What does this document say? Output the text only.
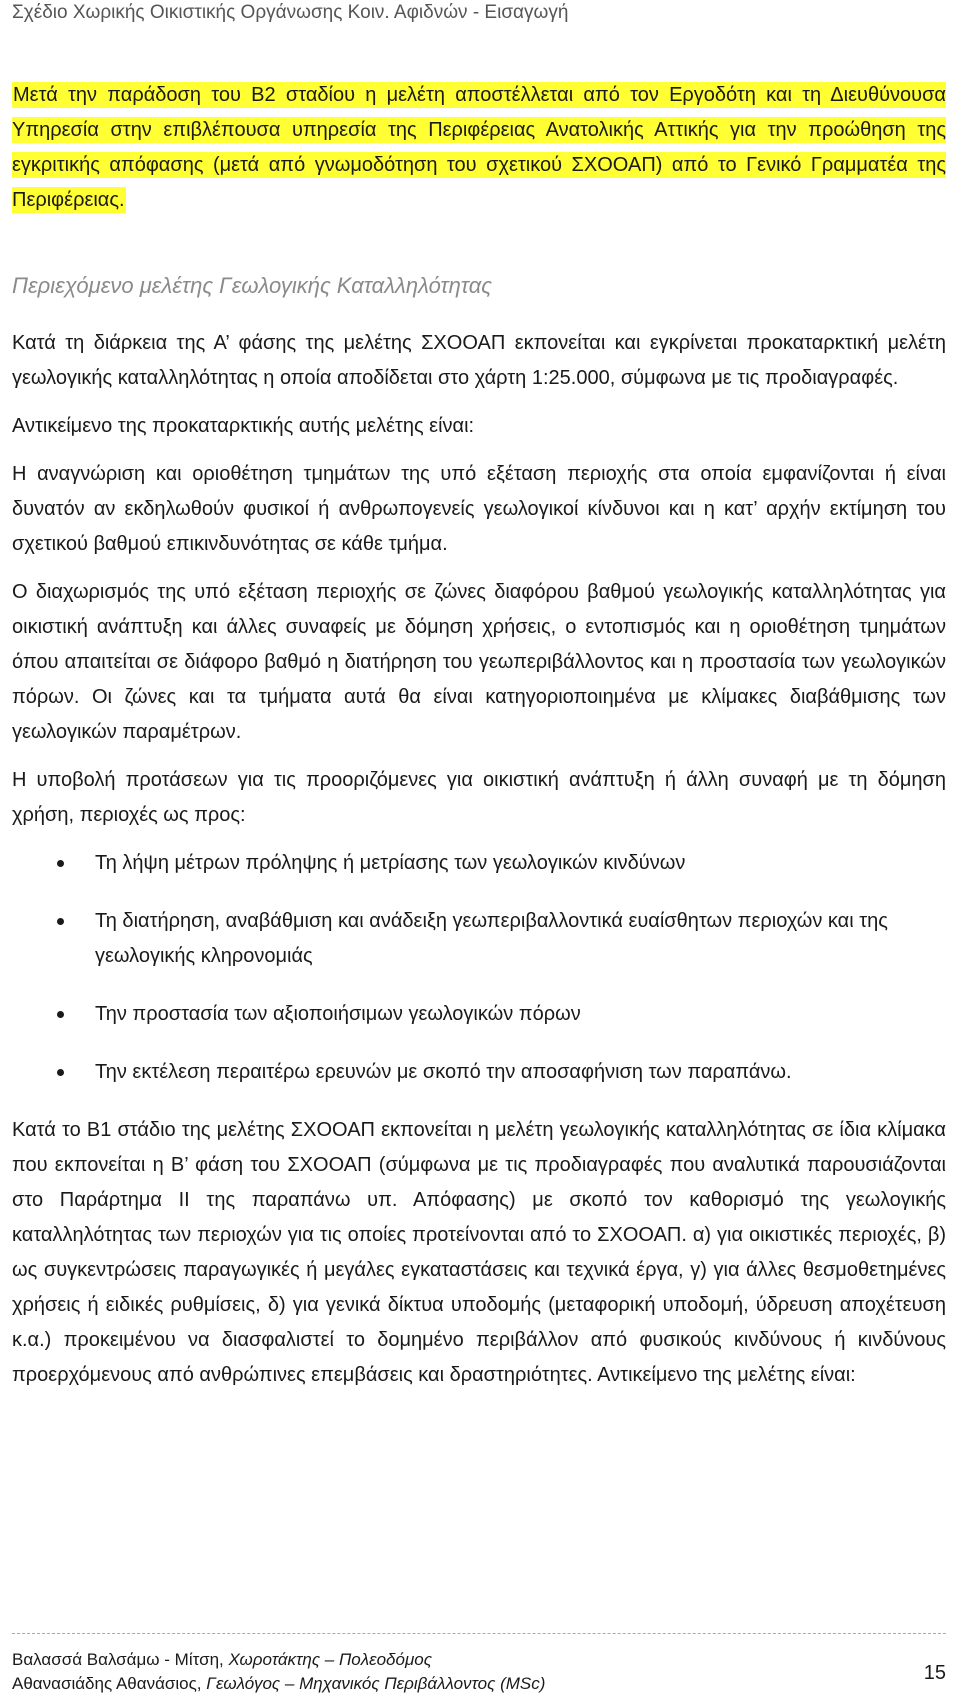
Σχέδιο Χωρικής Οικιστικής Οργάνωσης Κοιν. Αφιδνών - Εισαγωγή

Μετά την παράδοση του Β2 σταδίου η μελέτη αποστέλλεται από τον Εργοδότη και τη Διευθύνουσα Υπηρεσία στην επιβλέπουσα υπηρεσία της Περιφέρειας Ανατολικής Αττικής για την προώθηση της εγκριτικής απόφασης (μετά από γνωμοδότηση του σχετικού ΣΧΟΟΑΠ) από το Γενικό Γραμματέα της Περιφέρειας.

Περιεχόμενο μελέτης Γεωλογικής Καταλληλότητας

Κατά τη διάρκεια της Α’ φάσης της μελέτης ΣΧΟΟΑΠ εκπονείται και εγκρίνεται προκαταρκτική μελέτη γεωλογικής καταλληλότητας η οποία αποδίδεται στο χάρτη 1:25.000, σύμφωνα με τις προδιαγραφές.

Αντικείμενο της προκαταρκτικής αυτής μελέτης είναι:

Η αναγνώριση και οριοθέτηση τμημάτων της υπό εξέταση περιοχής στα οποία εμφανίζονται ή είναι δυνατόν αν εκδηλωθούν φυσικοί ή ανθρωπογενείς γεωλογικοί κίνδυνοι και η κατ’ αρχήν εκτίμηση του σχετικού βαθμού επικινδυνότητας σε κάθε τμήμα.

Ο διαχωρισμός της υπό εξέταση περιοχής σε ζώνες διαφόρου βαθμού γεωλογικής καταλληλότητας για οικιστική ανάπτυξη και άλλες συναφείς με δόμηση χρήσεις, ο εντοπισμός και η οριοθέτηση τμημάτων όπου απαιτείται σε διάφορο βαθμό η διατήρηση του γεωπεριβάλλοντος και η προστασία των γεωλογικών πόρων. Οι ζώνες και τα τμήματα αυτά θα είναι κατηγοριοποιημένα με κλίμακες διαβάθμισης των γεωλογικών παραμέτρων.

Η υποβολή προτάσεων για τις προοριζόμενες για οικιστική ανάπτυξη ή άλλη συναφή με τη δόμηση χρήση, περιοχές ως προς:

Τη λήψη μέτρων πρόληψης ή μετρίασης των γεωλογικών κινδύνων
Τη διατήρηση, αναβάθμιση και ανάδειξη γεωπεριβαλλοντικά ευαίσθητων περιοχών και της γεωλογικής κληρονομιάς
Την προστασία των αξιοποιήσιμων γεωλογικών πόρων
Την εκτέλεση περαιτέρω ερευνών με σκοπό την αποσαφήνιση των παραπάνω.

Κατά το Β1 στάδιο της μελέτης ΣΧΟΟΑΠ εκπονείται η μελέτη γεωλογικής καταλληλότητας σε ίδια κλίμακα που εκπονείται η Β’ φάση του ΣΧΟΟΑΠ (σύμφωνα με τις προδιαγραφές που αναλυτικά παρουσιάζονται στο Παράρτημα ΙΙ της παραπάνω υπ. Απόφασης) με σκοπό τον καθορισμό της γεωλογικής καταλληλότητας των περιοχών για τις οποίες προτείνονται από το ΣΧΟΟΑΠ. α) για οικιστικές περιοχές, β) ως συγκεντρώσεις παραγωγικές ή μεγάλες εγκαταστάσεις και τεχνικά έργα, γ) για άλλες θεσμοθετημένες χρήσεις ή ειδικές ρυθμίσεις, δ) για γενικά δίκτυα υποδομής (μεταφορική υποδομή, ύδρευση αποχέτευση κ.α.) προκειμένου να διασφαλιστεί το δομημένο περιβάλλον από φυσικούς κινδύνους ή κινδύνους προερχόμενους από ανθρώπινες επεμβάσεις και δραστηριότητες. Αντικείμενο της μελέτης είναι:

Βαλασσά Βαλσάμω - Μίτση, Χωροτάκτης – Πολεοδόμος
Αθανασιάδης Αθανάσιος, Γεωλόγος – Μηχανικός Περιβάλλοντος (MSc)	15
